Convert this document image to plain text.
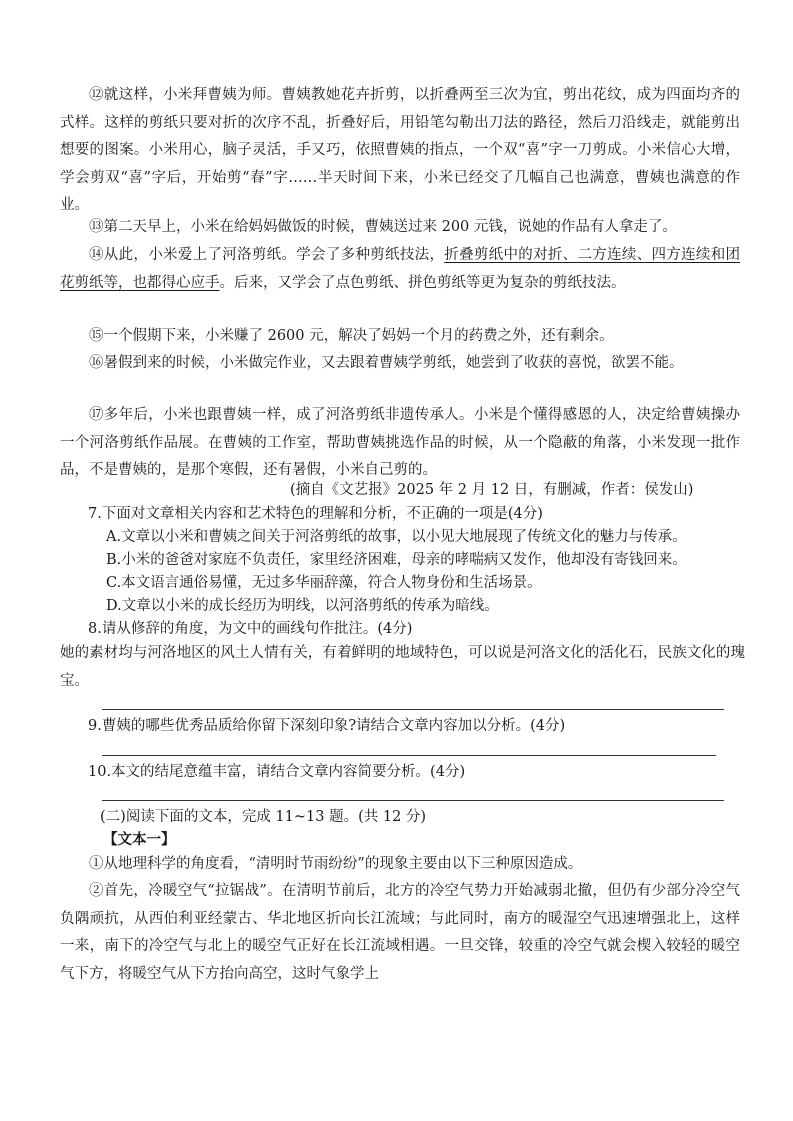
⑫就这样，小米拜曹姨为师。曹姨教她花卉折剪，以折叠两至三次为宜，剪出花纹，成为四面均齐的式样。这样的剪纸只要对折的次序不乱，折叠好后，用铅笔勾勒出刀法的路径，然后刀沿线走，就能剪出想要的图案。小米用心，脑子灵活，手又巧，依照曹姨的指点，一个双“喜”字一刀剪成。小米信心大增，学会剪双“喜”字后，开始剪“春”字……半天时间下来，小米已经交了几幅自己也满意，曹姨也满意的作业。

⑬第二天早上，小米在给妈妈做饭的时候，曹姨送过来 200 元钱，说她的作品有人拿走了。

⑭从此，小米爱上了河洛剪纸。学会了多种剪纸技法，折叠剪纸中的对折、二方连续、四方连续和团花剪纸等，也都得心应手。后来，又学会了点色剪纸、拼色剪纸等更为复杂的剪纸技法。

⑮一个假期下来，小米赚了 2600 元，解决了妈妈一个月的药费之外，还有剩余。

⑯暑假到来的时候，小米做完作业，又去跟着曹姨学剪纸，她尝到了收获的喜悦，欲罢不能。

⑰多年后，小米也跟曹姨一样，成了河洛剪纸非遗传承人。小米是个懂得感恩的人，决定给曹姨操办一个河洛剪纸作品展。在曹姨的工作室，帮助曹姨挑选作品的时候，从一个隐蔽的角落，小米发现一批作品，不是曹姨的，是那个寒假，还有暑假，小米自己剪的。

(摘自《文艺报》2025 年 2 月 12 日，有删减，作者：侯发山)
7.下面对文章相关内容和艺术特色的理解和分析，不正确的一项是(4分)
A.文章以小米和曹姨之间关于河洛剪纸的故事，以小见大地展现了传统文化的魅力与传承。
B.小米的爸爸对家庭不负责任，家里经济困难，母亲的哮喘病又发作，他却没有寄钱回来。
C.本文语言通俗易懂，无过多华丽辞藻，符合人物身份和生活场景。
D.文章以小米的成长经历为明线，以河洛剪纸的传承为暗线。
8.请从修辞的角度，为文中的画线句作批注。(4分)

她的素材均与河洛地区的风土人情有关，有着鲜明的地域特色，可以说是河洛文化的活化石，民族文化的瑰宝。

9.曹姨的哪些优秀品质给你留下深刻印象?请结合文章内容加以分析。(4分)
10.本文的结尾意蕴丰富，请结合文章内容简要分析。(4分)
(二)阅读下面的文本，完成 11~13 题。(共 12 分)
【文本一】

①从地理科学的角度看，“清明时节雨纷纷”的现象主要由以下三种原因造成。

②首先，冷暖空气“拉锯战”。在清明节前后，北方的冷空气势力开始减弱北撤，但仍有少部分冷空气负隅顽抗，从西伯利亚经蒙古、华北地区折向长江流域；与此同时，南方的暖湿空气迅速增强北上，这样一来，南下的冷空气与北上的暖空气正好在长江流域相遇。一旦交锋，较重的冷空气就会楔入较轻的暖空气下方，将暖空气从下方抬向高空，这时气象学上
